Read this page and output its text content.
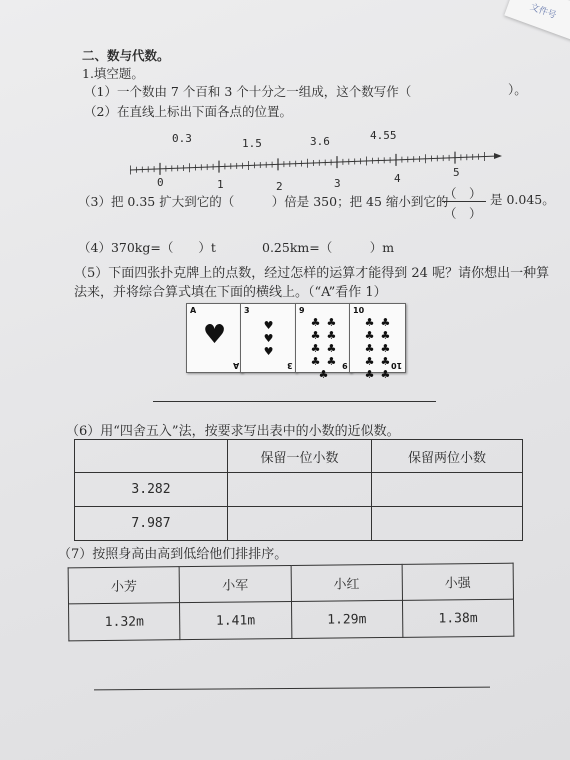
文件号
二、数与代数。
1.填空题。
（1）一个数由 7 个百和 3 个十分之一组成，这个数写作（	）。
（2）在直线上标出下面各点的位置。
0.3	1.5	3.6	4.55
0	1	2	3	4	5
（3）把 0.35 扩大到它的（　　　）倍是 350；把 45 缩小到它的
（　）
（　）
是 0.045。
（4）370kg=（　　）t	0.25km=（　　　）m
（5）下面四张扑克牌上的点数，经过怎样的运算才能得到 24 呢？请你想出一种算
法来，并将综合算式填在下面的横线上。（“A”看作 1）
A
♥
A
3
♥
♥
♥
3
9
♣ ♣
♣ ♣
♣ ♣
♣ ♣
♣
9
10
♣ ♣
♣ ♣
♣ ♣
♣ ♣
♣ ♣
10
（6）用“四舍五入”法，按要求写出表中的小数的近似数。
	保留一位小数	保留两位小数
3.282		
7.987		
（7）按照身高由高到低给他们排排序。
小芳	小军	小红	小强
1.32m	1.41m	1.29m	1.38m
